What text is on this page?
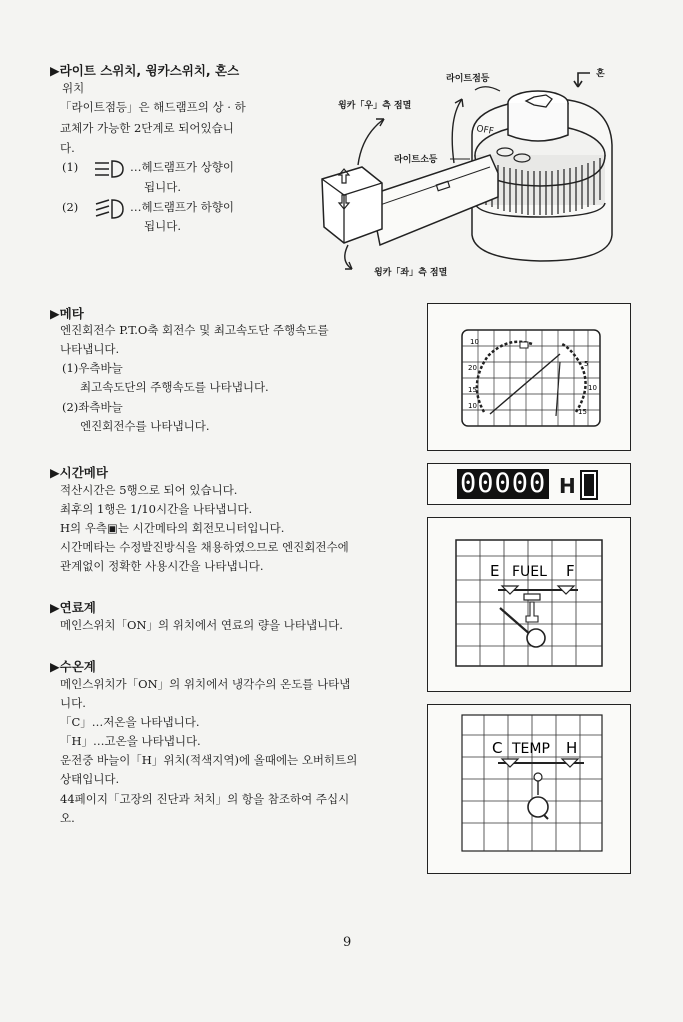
▶라이트 스위치, 윙카스위치, 혼스
위치
「라이트점등」은 해드램프의 상 · 하
교체가 가능한 2단계로 되어있습니
다.
(1)	…헤드램프가 상향이
됩니다.
(2)	…헤드램프가 하향이
됩니다.
OFF
라이트점등	혼
윙카「우」측 점멸
라이트소등
윙카「좌」측 점멸
▶메타
엔진회전수 P.T.O축 회전수 및 최고속도단 주행속도를
나타냅니다.
(1)우측바늘
최고속도단의 주행속도를 나타냅니다.
(2)좌측바늘
엔진회전수를 나타냅니다.
10
20
15
10
5
10
15
▶시간메타
적산시간은 5행으로 되어 있습니다.
최후의 1행은 1/10시간을 나타냅니다.
H의 우측▣는 시간메타의 회전모니터입니다.
시간메타는 수정발진방식을 채용하였으므로 엔진회전수에
관계없이 정확한 사용시간을 나타냅니다.
00000 H
▶연료계
메인스위치「ON」의 위치에서 연료의 량을 나타냅니다.
E FUEL F
▶수온계
메인스위치가「ON」의 위치에서 냉각수의 온도를 나타냅
니다.
「C」…저온을 나타냅니다.
「H」…고온을 나타냅니다.
운전중 바늘이「H」위치(적색지역)에 올때에는 오버히트의
상태입니다.
44페이지「고장의 진단과 처치」의 항을 참조하여 주십시
오.
C TEMP H
9
